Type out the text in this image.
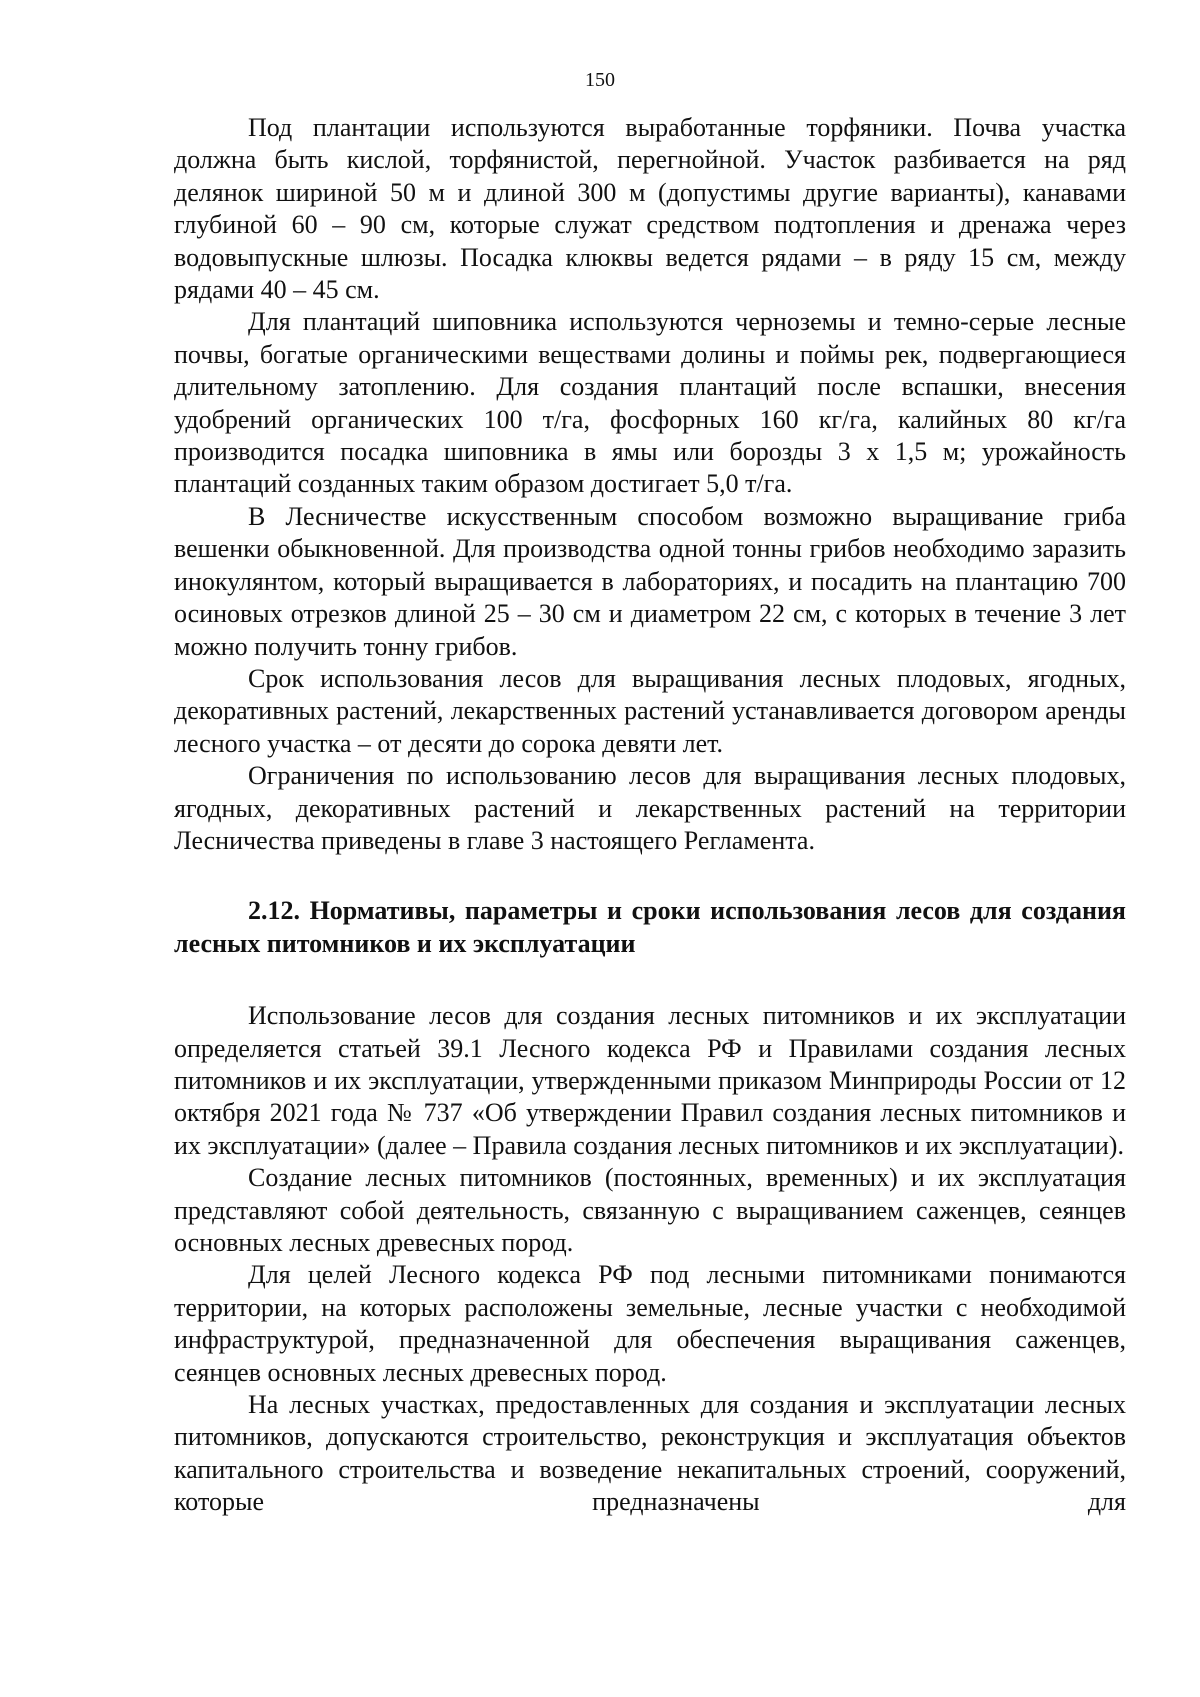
150

Под плантации используются выработанные торфяники. Почва участка должна быть кислой, торфянистой, перегнойной. Участок разбивается на ряд делянок шириной 50 м и длиной 300 м (допустимы другие варианты), канавами глубиной 60 – 90 см, которые служат средством подтопления и дренажа через водовыпускные шлюзы. Посадка клюквы ведется рядами – в ряду 15 см, между рядами 40 – 45 см.

Для плантаций шиповника используются черноземы и темно-серые лесные почвы, богатые органическими веществами долины и поймы рек, подвергающиеся длительному затоплению. Для создания плантаций после вспашки, внесения удобрений органических 100 т/га, фосфорных 160 кг/га, калийных 80 кг/га производится посадка шиповника в ямы или борозды 3 х 1,5 м; урожайность плантаций созданных таким образом достигает 5,0 т/га.

В Лесничестве искусственным способом возможно выращивание гриба вешенки обыкновенной. Для производства одной тонны грибов необходимо заразить инокулянтом, который выращивается в лабораториях, и посадить на плантацию 700 осиновых отрезков длиной 25 – 30 см и диаметром 22 см, с которых в течение 3 лет можно получить тонну грибов.

Срок использования лесов для выращивания лесных плодовых, ягодных, декоративных растений, лекарственных растений устанавливается договором аренды лесного участка – от десяти до сорока девяти лет.

Ограничения по использованию лесов для выращивания лесных плодовых, ягодных, декоративных растений и лекарственных растений на территории Лесничества приведены в главе 3 настоящего Регламента.

2.12. Нормативы, параметры и сроки использования лесов для создания лесных питомников и их эксплуатации

Использование лесов для создания лесных питомников и их эксплуатации определяется статьей 39.1 Лесного кодекса РФ и Правилами создания лесных питомников и их эксплуатации, утвержденными приказом Минприроды России от 12 октября 2021 года № 737 «Об утверждении Правил создания лесных питомников и их эксплуатации» (далее – Правила создания лесных питомников и их эксплуатации).

Создание лесных питомников (постоянных, временных) и их эксплуатация представляют собой деятельность, связанную с выращиванием саженцев, сеянцев основных лесных древесных пород.

Для целей Лесного кодекса РФ под лесными питомниками понимаются территории, на которых расположены земельные, лесные участки с необходимой инфраструктурой, предназначенной для обеспечения выращивания саженцев, сеянцев основных лесных древесных пород.

На лесных участках, предоставленных для создания и эксплуатации лесных питомников, допускаются строительство, реконструкция и эксплуатация объектов капитального строительства и возведение некапитальных строений, сооружений, которые предназначены для
